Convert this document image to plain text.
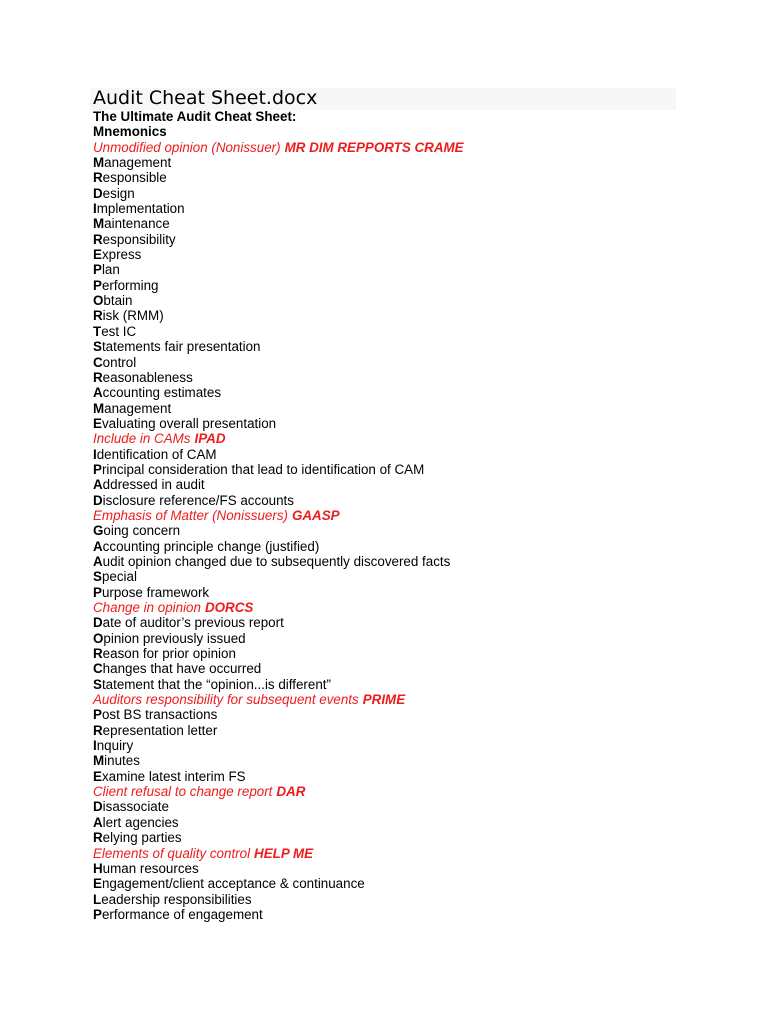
Audit Cheat Sheet.docx
The Ultimate Audit Cheat Sheet:
Mnemonics
Unmodified opinion (Nonissuer) MR DIM REPPORTS CRAME
Management
Responsible
Design
Implementation
Maintenance
Responsibility
Express
Plan
Performing
Obtain
Risk (RMM)
Test IC
Statements fair presentation
Control
Reasonableness
Accounting estimates
Management
Evaluating overall presentation
Include in CAMs IPAD
Identification of CAM
Principal consideration that lead to identification of CAM
Addressed in audit
Disclosure reference/FS accounts
Emphasis of Matter (Nonissuers) GAASP
Going concern
Accounting principle change (justified)
Audit opinion changed due to subsequently discovered facts
Special
Purpose framework
Change in opinion DORCS
Date of auditor’s previous report
Opinion previously issued
Reason for prior opinion
Changes that have occurred
Statement that the “opinion...is different”
Auditors responsibility for subsequent events PRIME
Post BS transactions
Representation letter
Inquiry
Minutes
Examine latest interim FS
Client refusal to change report DAR
Disassociate
Alert agencies
Relying parties
Elements of quality control HELP ME
Human resources
Engagement/client acceptance & continuance
Leadership responsibilities
Performance of engagement
